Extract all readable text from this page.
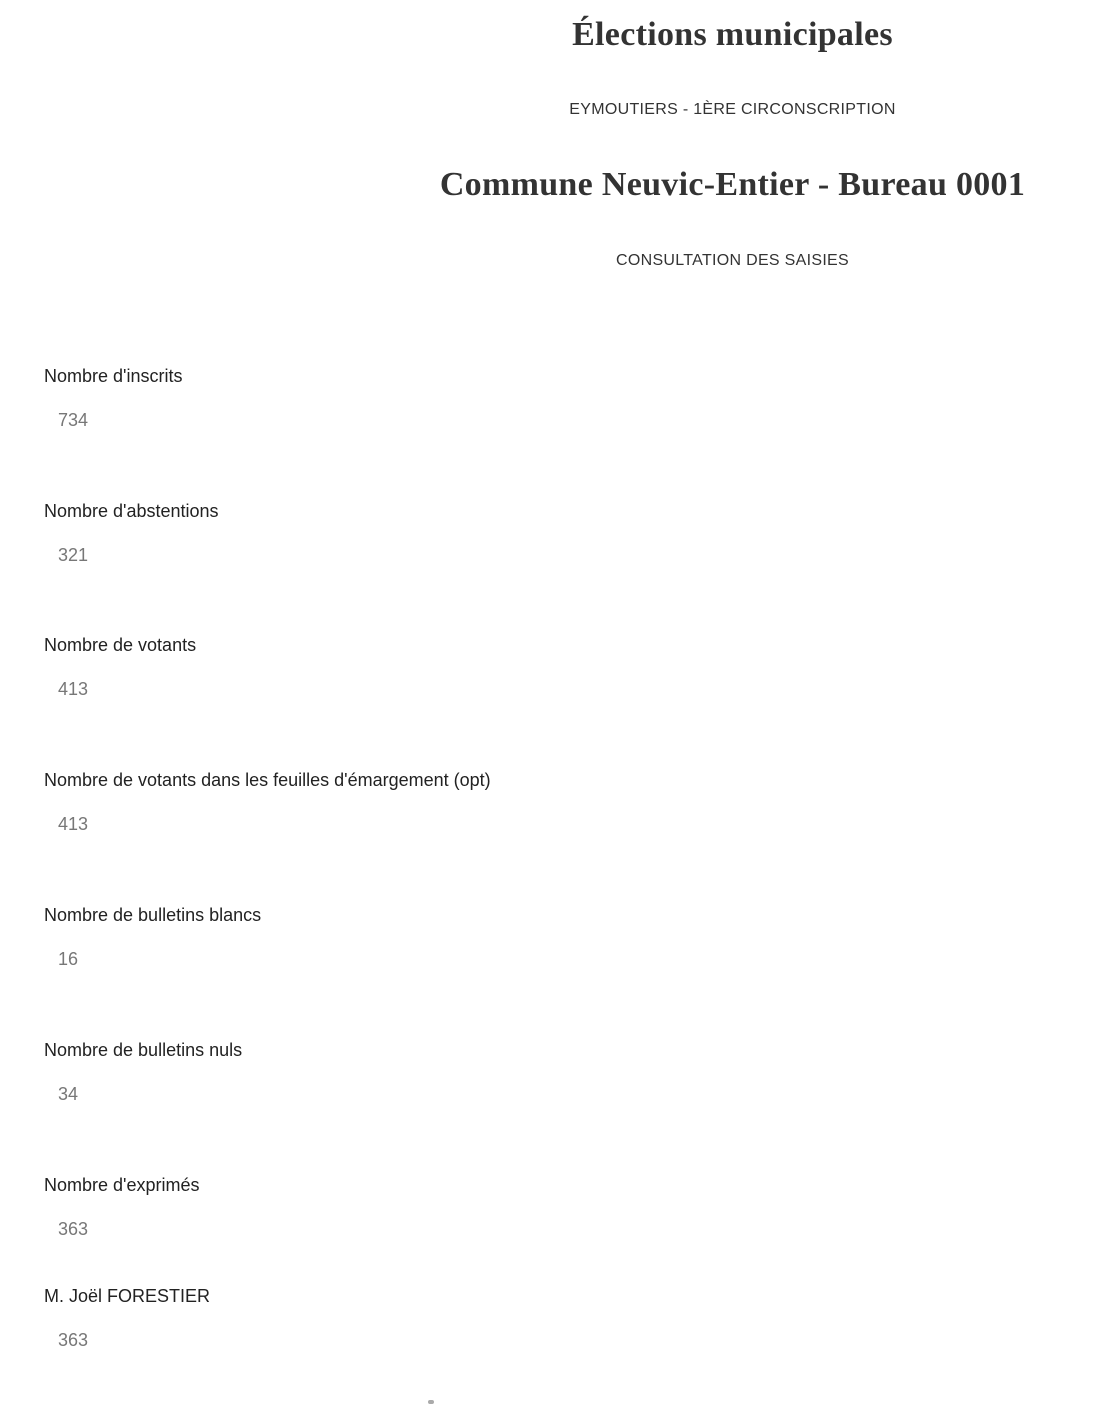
Élections municipales
EYMOUTIERS - 1ÈRE CIRCONSCRIPTION
Commune Neuvic-Entier - Bureau 0001
CONSULTATION DES SAISIES
Nombre d'inscrits
734
Nombre d'abstentions
321
Nombre de votants
413
Nombre de votants dans les feuilles d'émargement (opt)
413
Nombre de bulletins blancs
16
Nombre de bulletins nuls
34
Nombre d'exprimés
363
M. Joël FORESTIER
363
